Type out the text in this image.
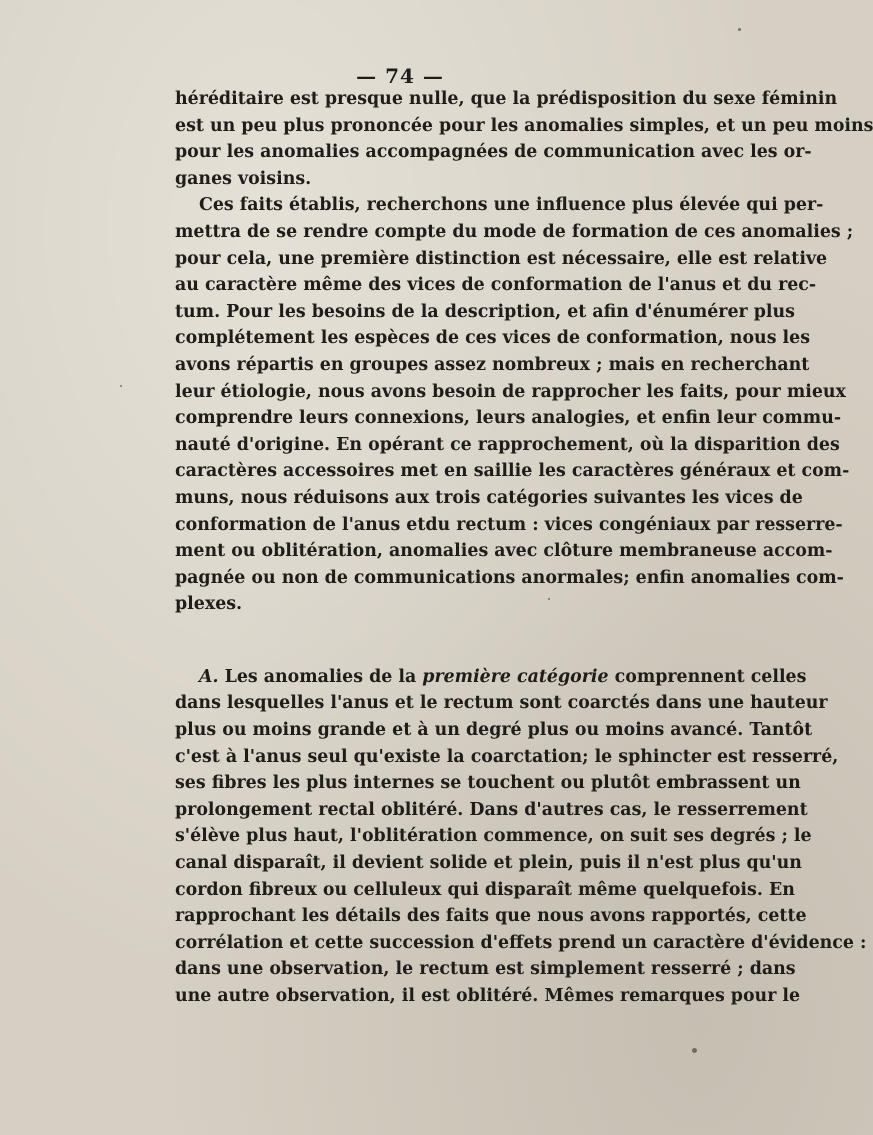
— 74 —
héréditaire est presque nulle, que la prédisposition du sexe féminin
est un peu plus prononcée pour les anomalies simples, et un peu moins
pour les anomalies accompagnées de communication avec les or-
ganes voisins.
Ces faits établis, recherchons une influence plus élevée qui per-
mettra de se rendre compte du mode de formation de ces anomalies ;
pour cela, une première distinction est nécessaire, elle est relative
au caractère même des vices de conformation de l'anus et du rec-
tum. Pour les besoins de la description, et afin d'énumérer plus
complétement les espèces de ces vices de conformation, nous les
avons répartis en groupes assez nombreux ; mais en recherchant
leur étiologie, nous avons besoin de rapprocher les faits, pour mieux
comprendre leurs connexions, leurs analogies, et enfin leur commu-
nauté d'origine. En opérant ce rapprochement, où la disparition des
caractères accessoires met en saillie les caractères généraux et com-
muns, nous réduisons aux trois catégories suivantes les vices de
conformation de l'anus etdu rectum : vices congéniaux par resserre-
ment ou oblitération, anomalies avec clôture membraneuse accom-
pagnée ou non de communications anormales; enfin anomalies com-
plexes.
A. Les anomalies de la première catégorie comprennent celles
dans lesquelles l'anus et le rectum sont coarctés dans une hauteur
plus ou moins grande et à un degré plus ou moins avancé. Tantôt
c'est à l'anus seul qu'existe la coarctation; le sphincter est resserré,
ses fibres les plus internes se touchent ou plutôt embrassent un
prolongement rectal oblitéré. Dans d'autres cas, le resserrement
s'élève plus haut, l'oblitération commence, on suit ses degrés ; le
canal disparaît, il devient solide et plein, puis il n'est plus qu'un
cordon fibreux ou celluleux qui disparaît même quelquefois. En
rapprochant les détails des faits que nous avons rapportés, cette
corrélation et cette succession d'effets prend un caractère d'évidence :
dans une observation, le rectum est simplement resserré ; dans
une autre observation, il est oblitéré. Mêmes remarques pour le
